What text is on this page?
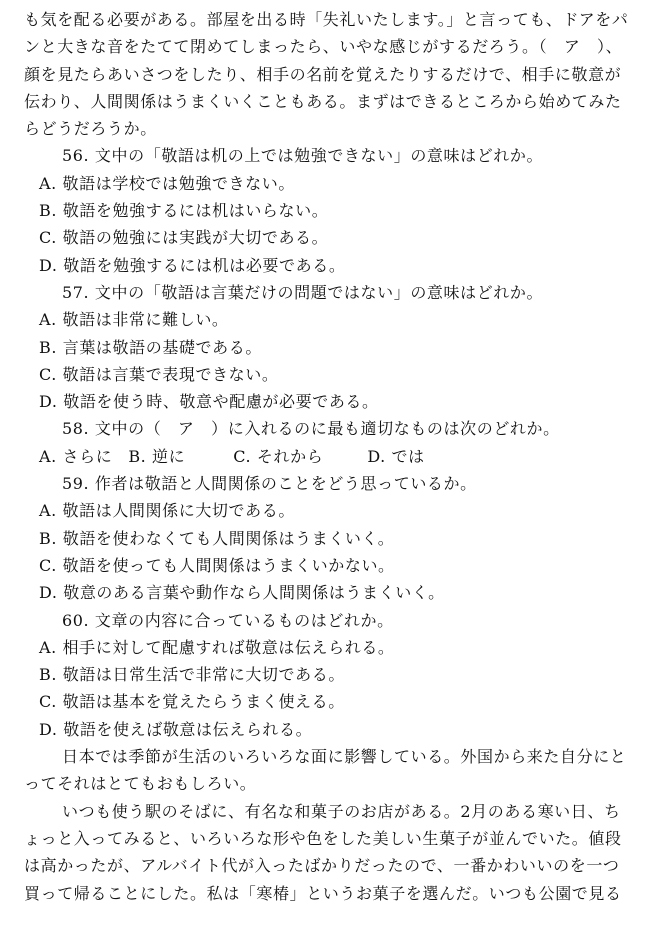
も気を配る必要がある。部屋を出る時「失礼いたします。」と言っても、ドアをパ
ンと大きな音をたてて閉めてしまったら、いやな感じがするだろう。（　ア　）、
顔を見たらあいさつをしたり、相手の名前を覚えたりするだけで、相手に敬意が
伝わり、人間関係はうまくいくこともある。まずはできるところから始めてみた
らどうだろうか。
56. 文中の「敬語は机の上では勉強できない」の意味はどれか。
A. 敬語は学校では勉強できない。
B. 敬語を勉強するには机はいらない。
C. 敬語の勉強には実践が大切である。
D. 敬語を勉強するには机は必要である。
57. 文中の「敬語は言葉だけの問題ではない」の意味はどれか。
A. 敬語は非常に難しい。
B. 言葉は敬語の基礎である。
C. 敬語は言葉で表現できない。
D. 敬語を使う時、敬意や配慮が必要である。
58. 文中の（　ア　）に入れるのに最も適切なものは次のどれか。
A. さらに B. 逆に	C. それから	D. では
59. 作者は敬語と人間関係のことをどう思っているか。
A. 敬語は人間関係に大切である。
B. 敬語を使わなくても人間関係はうまくいく。
C. 敬語を使っても人間関係はうまくいかない。
D. 敬意のある言葉や動作なら人間関係はうまくいく。
60. 文章の内容に合っているものはどれか。
A. 相手に対して配慮すれば敬意は伝えられる。
B. 敬語は日常生活で非常に大切である。
C. 敬語は基本を覚えたらうまく使える。
D. 敬語を使えば敬意は伝えられる。
日本では季節が生活のいろいろな面に影響している。外国から来た自分にと
ってそれはとてもおもしろい。
いつも使う駅のそばに、有名な和菓子のお店がある。2月のある寒い日、ち
ょっと入ってみると、いろいろな形や色をした美しい生菓子が並んでいた。値段
は高かったが、アルバイト代が入ったばかりだったので、一番かわいいのを一つ
買って帰ることにした。私は「寒椿」というお菓子を選んだ。いつも公園で見る
